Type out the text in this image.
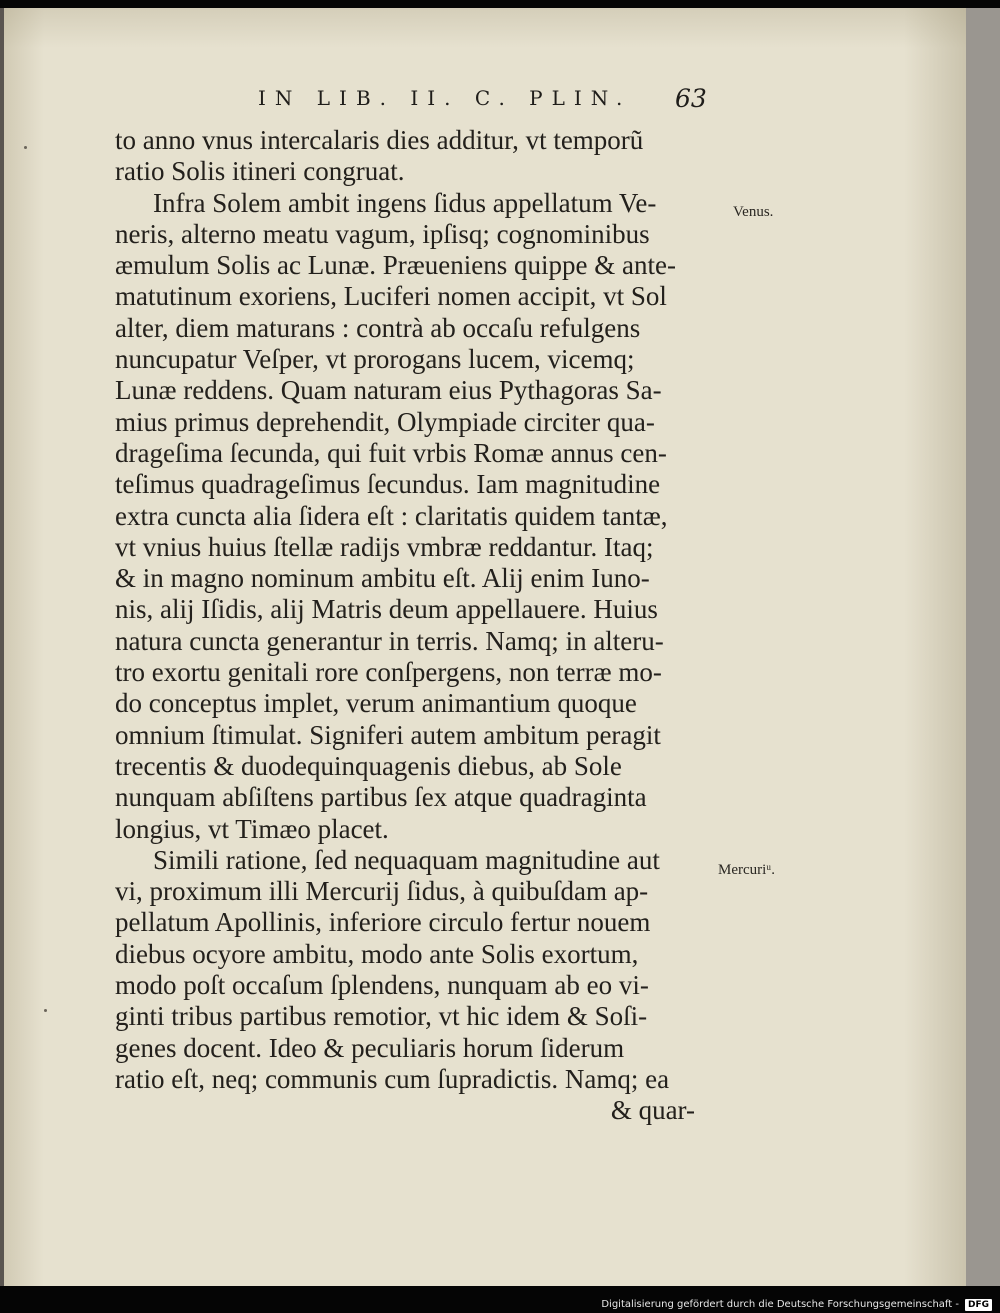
IN LIB. II. C. PLIN. 63
Venus.
Mercuriᵘ.
to anno vnus intercalaris dies additur, vt temporũ
ratio Solis itineri congruat.
Infra Solem ambit ingens ſidus appellatum Ve-
neris, alterno meatu vagum, ipſisq; cognominibus
æmulum Solis ac Lunæ. Præueniens quippe & ante-
matutinum exoriens, Luciferi nomen accipit, vt Sol
alter, diem maturans : contrà ab occaſu refulgens
nuncupatur Veſper, vt prorogans lucem, vicemq;
Lunæ reddens. Quam naturam eius Pythagoras Sa-
mius primus deprehendit, Olympiade circiter qua-
drageſima ſecunda, qui fuit vrbis Romæ annus cen-
teſimus quadrageſimus ſecundus. Iam magnitudine
extra cuncta alia ſidera eſt : claritatis quidem tantæ,
vt vnius huius ſtellæ radijs vmbræ reddantur. Itaq;
& in magno nominum ambitu eſt. Alij enim Iuno-
nis, alij Iſidis, alij Matris deum appellauere. Huius
natura cuncta generantur in terris. Namq; in alteru-
tro exortu genitali rore conſpergens, non terræ mo-
do conceptus implet, verum animantium quoque
omnium ſtimulat. Signiferi autem ambitum peragit
trecentis & duodequinquagenis diebus, ab Sole
nunquam abſiſtens partibus ſex atque quadraginta
longius, vt Timæo placet.
Simili ratione, ſed nequaquam magnitudine aut
vi, proximum illi Mercurij ſidus, à quibuſdam ap-
pellatum Apollinis, inferiore circulo fertur nouem
diebus ocyore ambitu, modo ante Solis exortum,
modo poſt occaſum ſplendens, nunquam ab eo vi-
ginti tribus partibus remotior, vt hic idem & Soſi-
genes docent. Ideo & peculiaris horum ſiderum
ratio eſt, neq; communis cum ſupradictis. Namq; ea
& quar-
Digitalisierung gefördert durch die Deutsche Forschungsgemeinschaft -	DFG
